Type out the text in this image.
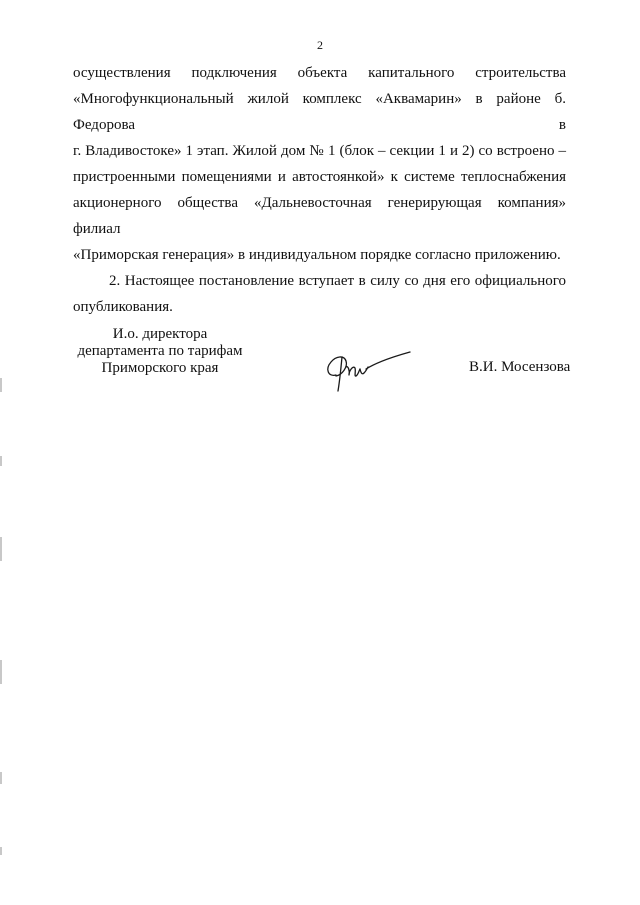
2

осуществления подключения объекта капитального строительства
«Многофункциональный жилой комплекс «Аквамарин» в районе б. Федорова в
г. Владивостоке» 1 этап. Жилой дом № 1 (блок – секции 1 и 2) со встроено –
пристроенными помещениями и автостоянкой» к системе теплоснабжения
акционерного общества «Дальневосточная генерирующая компания» филиал
«Приморская генерация» в индивидуальном порядке согласно приложению.

2. Настоящее постановление вступает в силу со дня его официального опубликования.

И.о. директора
департамента по тарифам
Приморского края	В.И. Мосензова
